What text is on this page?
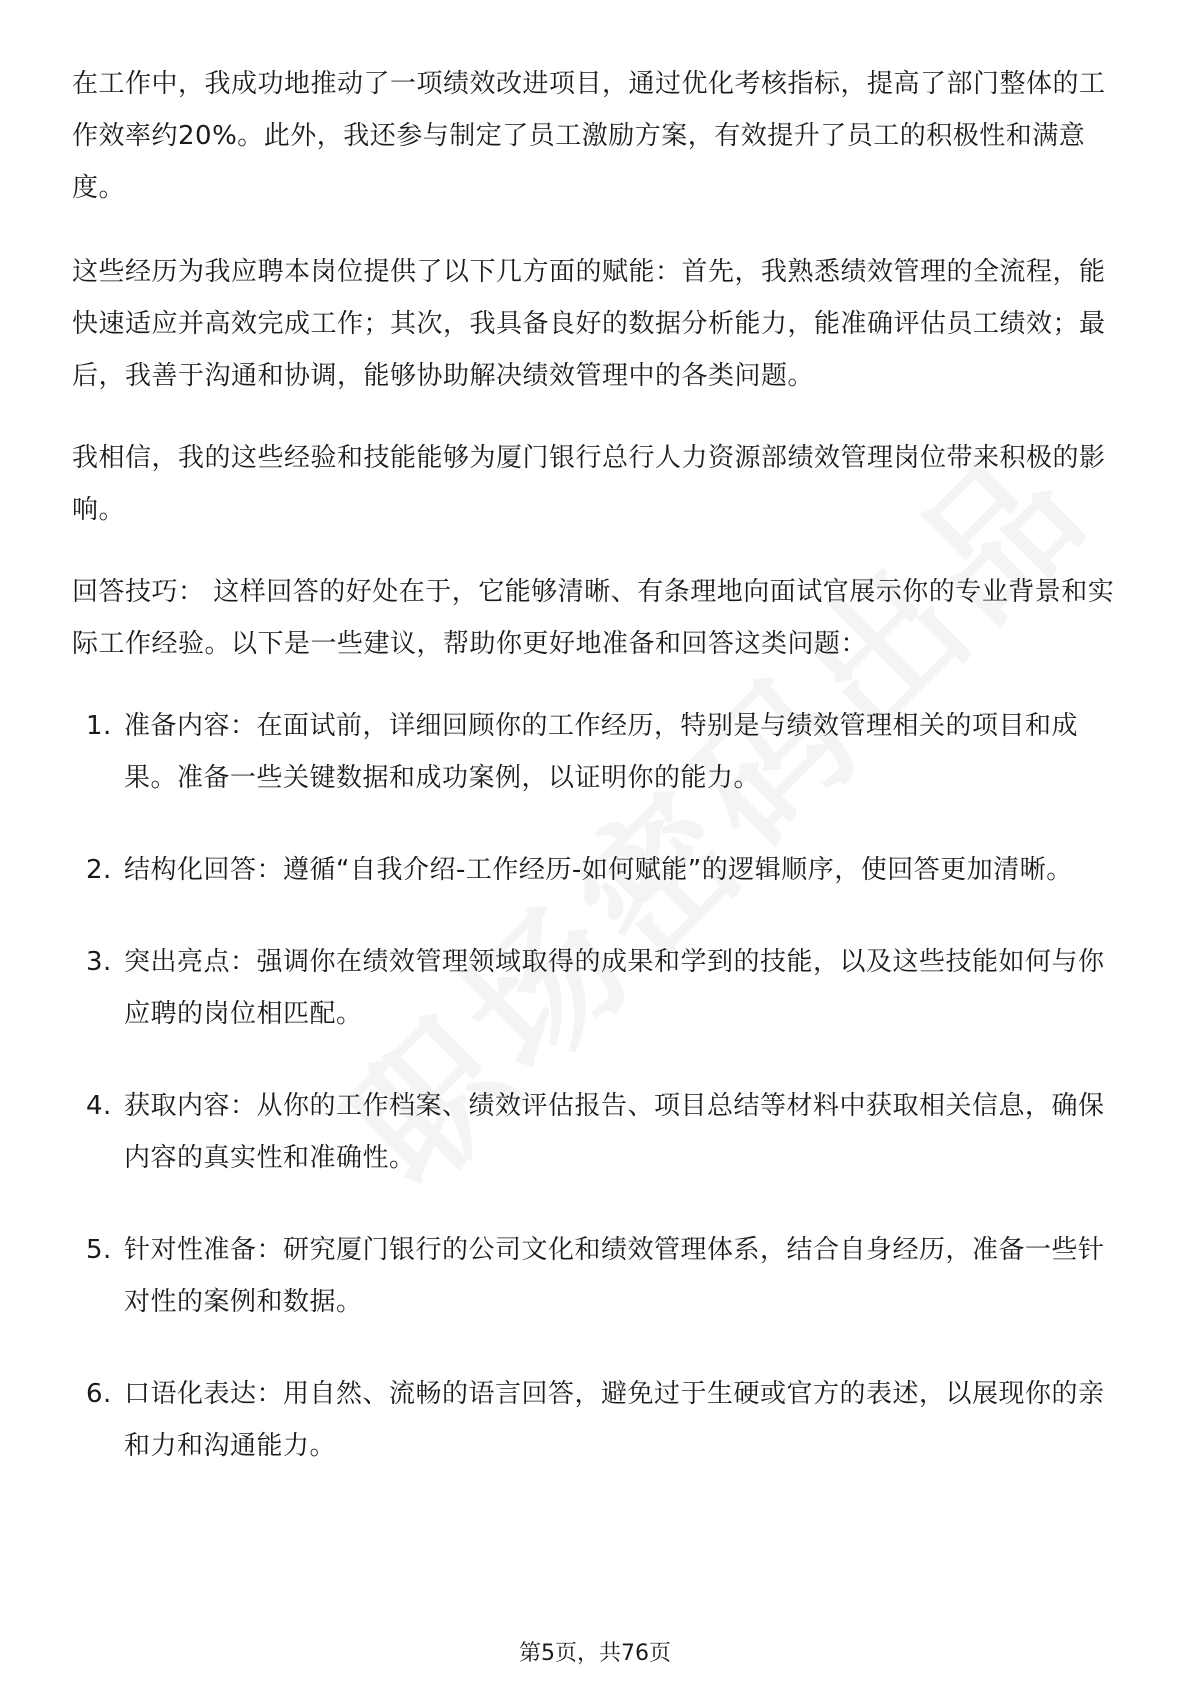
在工作中，我成功地推动了一项绩效改进项目，通过优化考核指标，提高了部门整体的工作效率约20%。此外，我还参与制定了员工激励方案，有效提升了员工的积极性和满意度。

这些经历为我应聘本岗位提供了以下几方面的赋能：首先，我熟悉绩效管理的全流程，能快速适应并高效完成工作；其次，我具备良好的数据分析能力，能准确评估员工绩效；最后，我善于沟通和协调，能够协助解决绩效管理中的各类问题。

我相信，我的这些经验和技能能够为厦门银行总行人力资源部绩效管理岗位带来积极的影响。

回答技巧： 这样回答的好处在于，它能够清晰、有条理地向面试官展示你的专业背景和实际工作经验。以下是一些建议，帮助你更好地准备和回答这类问题：

1. 准备内容：在面试前，详细回顾你的工作经历，特别是与绩效管理相关的项目和成果。准备一些关键数据和成功案例，以证明你的能力。
2. 结构化回答：遵循“自我介绍-工作经历-如何赋能”的逻辑顺序，使回答更加清晰。
3. 突出亮点：强调你在绩效管理领域取得的成果和学到的技能，以及这些技能如何与你应聘的岗位相匹配。
4. 获取内容：从你的工作档案、绩效评估报告、项目总结等材料中获取相关信息，确保内容的真实性和准确性。
5. 针对性准备：研究厦门银行的公司文化和绩效管理体系，结合自身经历，准备一些针对性的案例和数据。
6. 口语化表达：用自然、流畅的语言回答，避免过于生硬或官方的表述，以展现你的亲和力和沟通能力。
第5页，共76页
